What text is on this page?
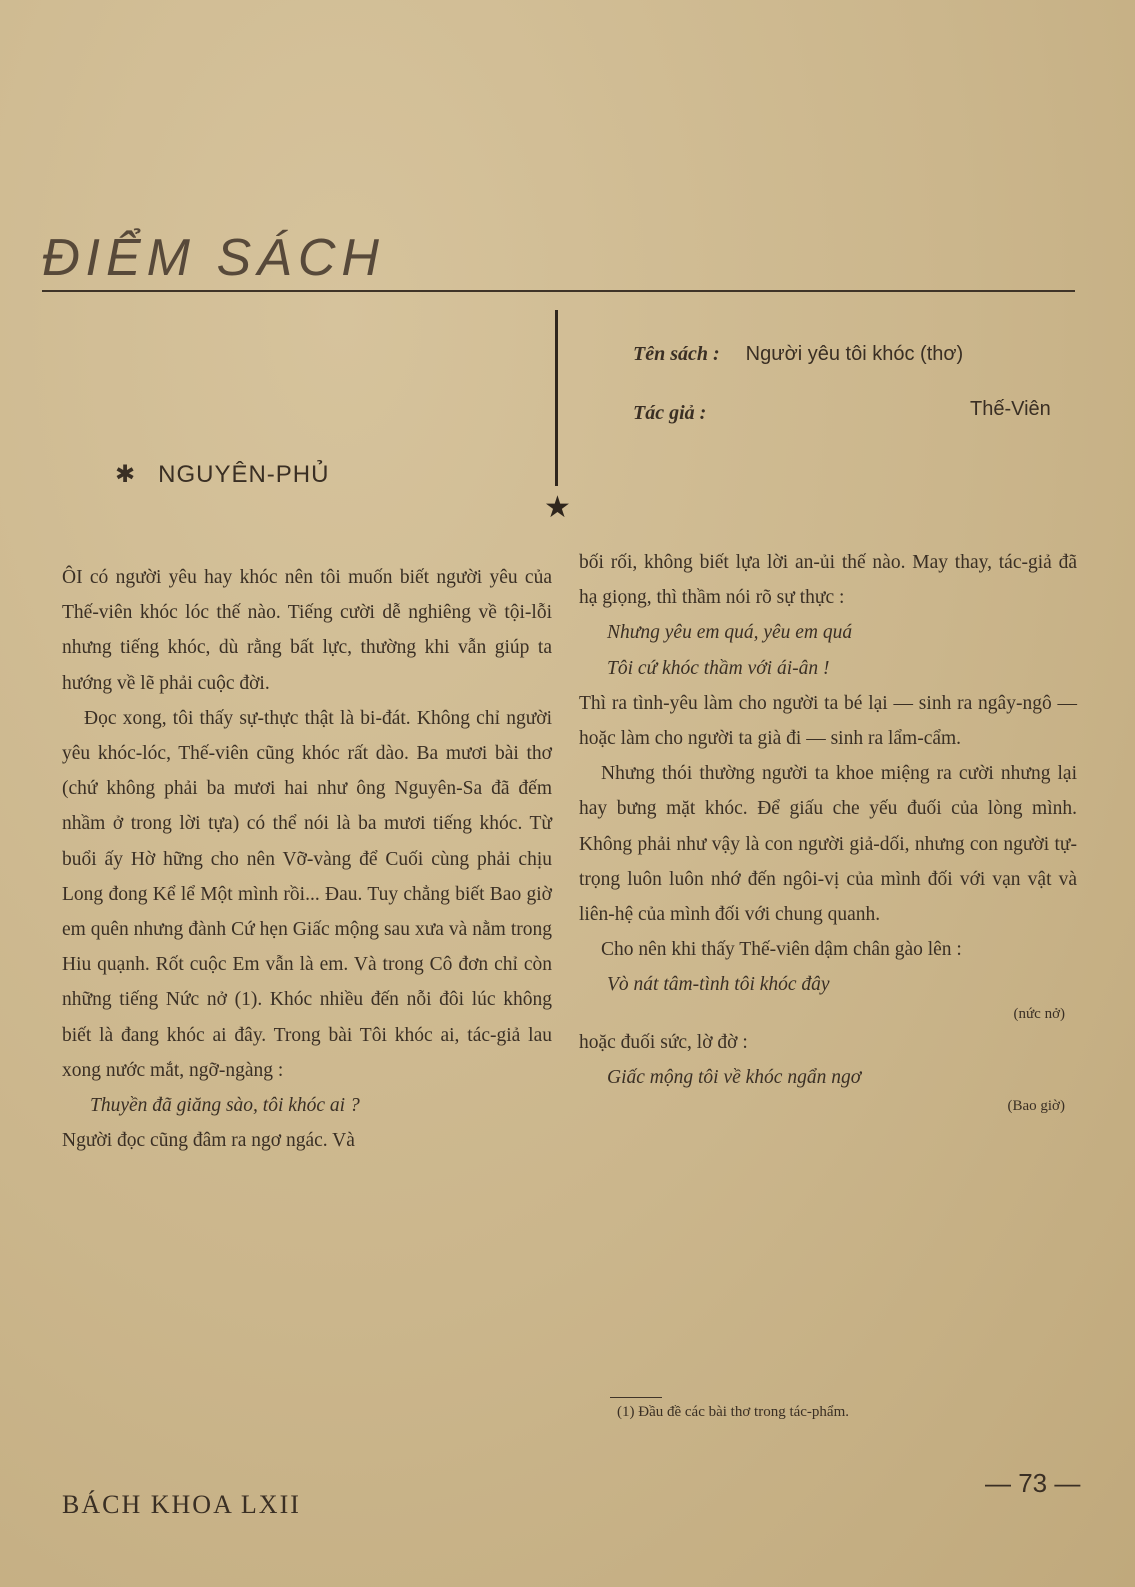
ĐIỂM SÁCH
Tên sách : Người yêu tôi khóc (thơ)
Tác giả :	Thế-Viên
★
✱ NGUYÊN-PHỦ

ÔI có người yêu hay khóc nên tôi muốn biết người yêu của Thế-viên khóc lóc thế nào. Tiếng cười dễ nghiêng về tội-lỗi nhưng tiếng khóc, dù rằng bất lực, thường khi vẫn giúp ta hướng về lẽ phải cuộc đời.

Đọc xong, tôi thấy sự-thực thật là bi-đát. Không chỉ người yêu khóc-lóc, Thế-viên cũng khóc rất dào. Ba mươi bài thơ (chứ không phải ba mươi hai như ông Nguyên-Sa đã đếm nhầm ở trong lời tựa) có thể nói là ba mươi tiếng khóc. Từ buổi ấy Hờ hững cho nên Vỡ-vàng để Cuối cùng phải chịu Long đong Kể lể Một mình rồi... Đau. Tuy chẳng biết Bao giờ em quên nhưng đành Cứ hẹn Giấc mộng sau xưa và nằm trong Hiu quạnh. Rốt cuộc Em vẫn là em. Và trong Cô đơn chỉ còn những tiếng Nức nở (1). Khóc nhiều đến nỗi đôi lúc không biết là đang khóc ai đây. Trong bài Tôi khóc ai, tác-giả lau xong nước mắt, ngỡ-ngàng :

Thuyền đã giăng sào, tôi khóc ai ?

Người đọc cũng đâm ra ngơ ngác. Và

bối rối, không biết lựa lời an-ủi thế nào. May thay, tác-giả đã hạ giọng, thì thầm nói rõ sự thực :

Nhưng yêu em quá, yêu em quá

Tôi cứ khóc thầm với ái-ân !

Thì ra tình-yêu làm cho người ta bé lại — sinh ra ngây-ngô — hoặc làm cho người ta già đi — sinh ra lẩm-cẩm.

Nhưng thói thường người ta khoe miệng ra cười nhưng lại hay bưng mặt khóc. Để giấu che yếu đuối của lòng mình. Không phải như vậy là con người giả-dối, nhưng con người tự-trọng luôn luôn nhớ đến ngôi-vị của mình đối với vạn vật và liên-hệ của mình đối với chung quanh.

Cho nên khi thấy Thế-viên dậm chân gào lên :

Vò nát tâm-tình tôi khóc đây

(nức nở)

hoặc đuối sức, lờ đờ :

Giấc mộng tôi về khóc ngẩn ngơ

(Bao giờ)

(1) Đầu đề các bài thơ trong tác-phẩm.
— 73 —
BÁCH KHOA LXII
